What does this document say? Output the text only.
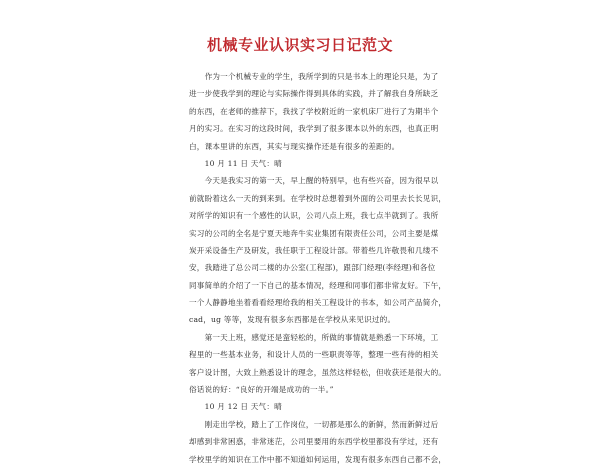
机械专业认识实习日记范文
　　作为一个机械专业的学生，我所学到的只是书本上的理论只是，为了
进一步使我学到的理论与实际操作得到具体的实践，并了解我自身所缺乏
的东西，在老师的推荐下，我找了学校附近的一家机床厂进行了为期半个
月的实习。在实习的这段时间，我学到了很多课本以外的东西，也真正明
白，课本里讲的东西，其实与现实操作还是有很多的差距的。
　　10 月 11 日 天气：晴
　　今天是我实习的第一天，早上醒的特别早，也有些兴奋，因为很早以
前就盼着这么一天的到来到。在学校时总想着到外面的公司里去长长见识，
对所学的知识有一个感性的认识，公司八点上班，我七点半就到了。我所
实习的公司的全名是宁夏天地奔牛实业集团有限责任公司，公司主要是煤
炭开采设备生产及研发，我任职于工程设计部。带着些几许敬畏和几缕不
安，我踏进了总公司二楼的办公室(工程部)，跟部门经理(李经理)和各位
同事简单的介绍了一下自己的基本情况，经理和同事们都非常友好。下午，
一个人静静地坐着看看经理给我的相关工程设计的书本，如公司产品简介，
cad，ug 等等，发现有很多东西都是在学校从来见识过的。
　　第一天上班，感觉还是蛮轻松的，所做的事情就是熟悉一下环境，工
程里的一些基本业务，和设计人员的一些职责等等，整理一些有待的相关
客户设计图，大致上熟悉设计的理念，虽然这样轻松，但收获还是很大的。
俗话说的好：“良好的开端是成功的一半。”
　　10 月 12 日 天气：晴
　　刚走出学校，踏上了工作岗位，一切都是那么的新鲜，然而新鲜过后
却感到非常困惑，非常迷茫，公司里要用的东西学校里都没有学过，还有
学校里学的知识在工作中都不知道如何运用，发现有很多东西自己都不会，
